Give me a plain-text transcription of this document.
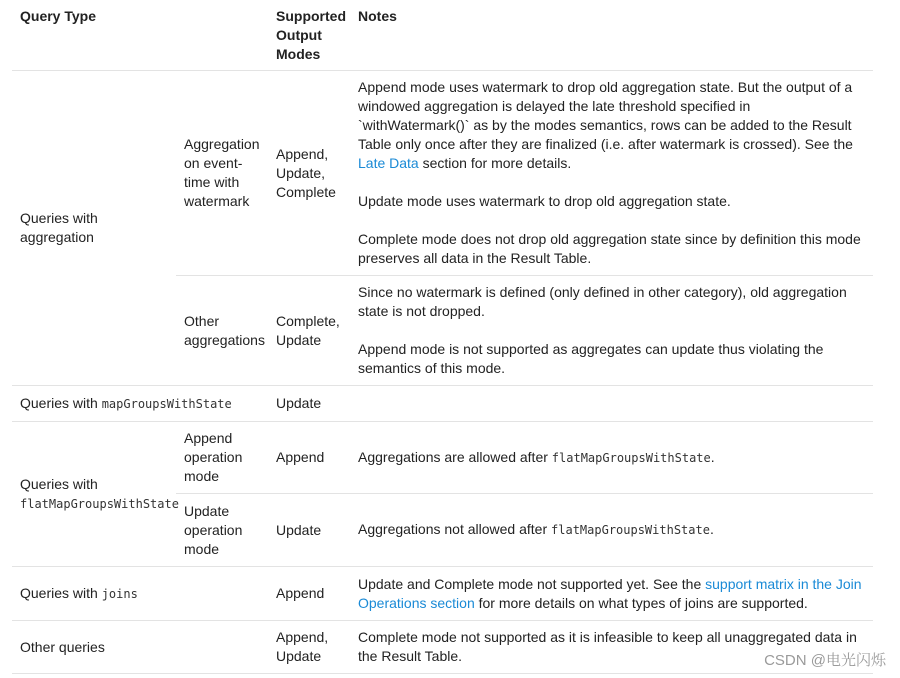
Query Type		Supported Output Modes	Notes
Queries with aggregation	Aggregation on event-time with watermark	Append, Update, Complete	Append mode uses watermark to drop old aggregation state. But the output of a windowed aggregation is delayed the late threshold specified in `withWatermark()` as by the modes semantics, rows can be added to the Result Table only once after they are finalized (i.e. after watermark is crossed). See the Late Data section for more details.

Update mode uses watermark to drop old aggregation state.

Complete mode does not drop old aggregation state since by definition this mode preserves all data in the Result Table.

	Other aggregations	Complete, Update	Since no watermark is defined (only defined in other category), old aggregation state is not dropped.

Append mode is not supported as aggregates can update thus violating the semantics of this mode.

Queries with mapGroupsWithState		Update	
Queries with
flatMapGroupsWithState	Append operation mode	Append	Aggregations are allowed after flatMapGroupsWithState.
	Update operation mode	Update	Aggregations not allowed after flatMapGroupsWithState.
Queries with joins		Append	Update and Complete mode not supported yet. See the support matrix in the Join Operations section for more details on what types of joins are supported.
Other queries		Append, Update	Complete mode not supported as it is infeasible to keep all unaggregated data in the Result Table.	CSDN @电光闪烁
